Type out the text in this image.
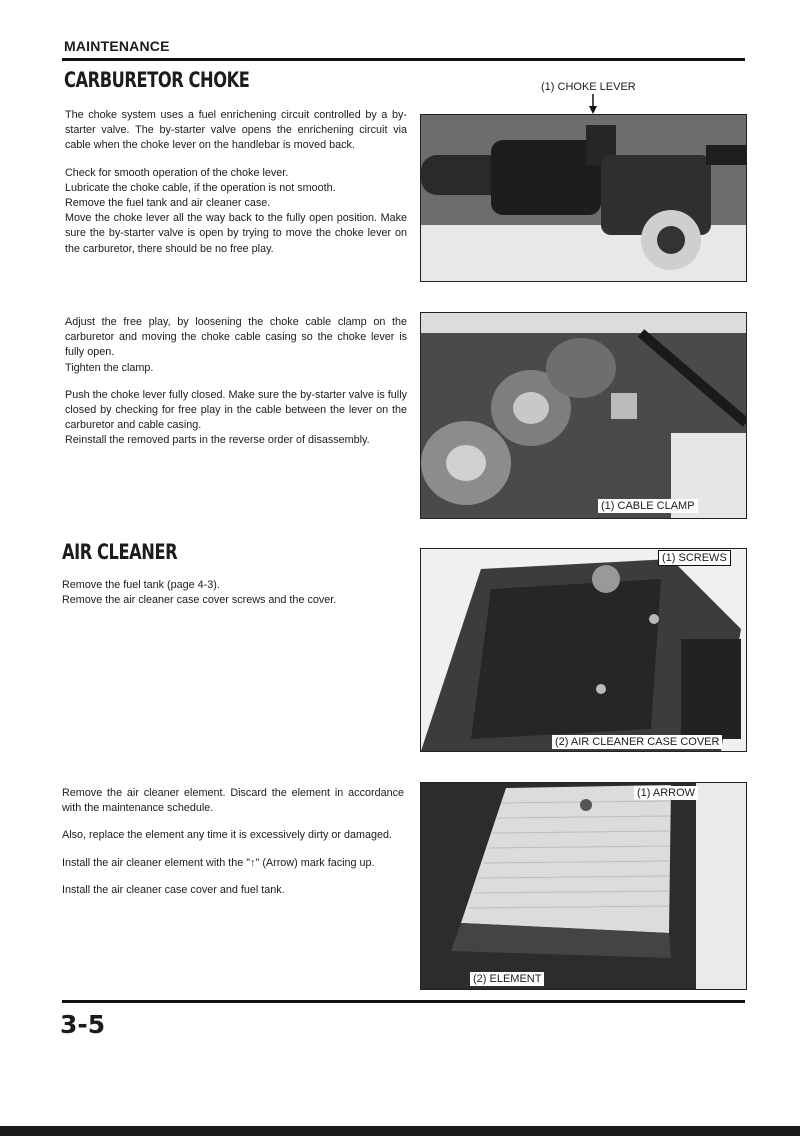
MAINTENANCE
CARBURETOR CHOKE

The choke system uses a fuel enrichening circuit controlled by a by-starter valve. The by-starter valve opens the enrichening circuit via cable when the choke lever on the handlebar is moved back.

Check for smooth operation of the choke lever.

Lubricate the choke cable, if the operation is not smooth.

Remove the fuel tank and air cleaner case.

Move the choke lever all the way back to the fully open position. Make sure the by-starter valve is open by trying to move the choke lever on the carburetor, there should be no free play.

Adjust the free play, by loosening the choke cable clamp on the carburetor and moving the choke cable casing so the choke lever is fully open.

Tighten the clamp.

Push the choke lever fully closed. Make sure the by-starter valve is fully closed by checking for free play in the cable between the lever on the carburetor and cable casing.

Reinstall the removed parts in the reverse order of disassembly.

(1) CHOKE LEVER
(1) CABLE CLAMP
AIR CLEANER

Remove the fuel tank (page 4-3).

Remove the air cleaner case cover screws and the cover.

Remove the air cleaner element. Discard the element in accordance with the maintenance schedule.

Also, replace the element any time it is excessively dirty or damaged.

Install the air cleaner element with the "↑" (Arrow) mark facing up.

Install the air cleaner case cover and fuel tank.

(1) SCREWS
(2) AIR CLEANER CASE COVER
(1) ARROW
(2) ELEMENT
3-5
